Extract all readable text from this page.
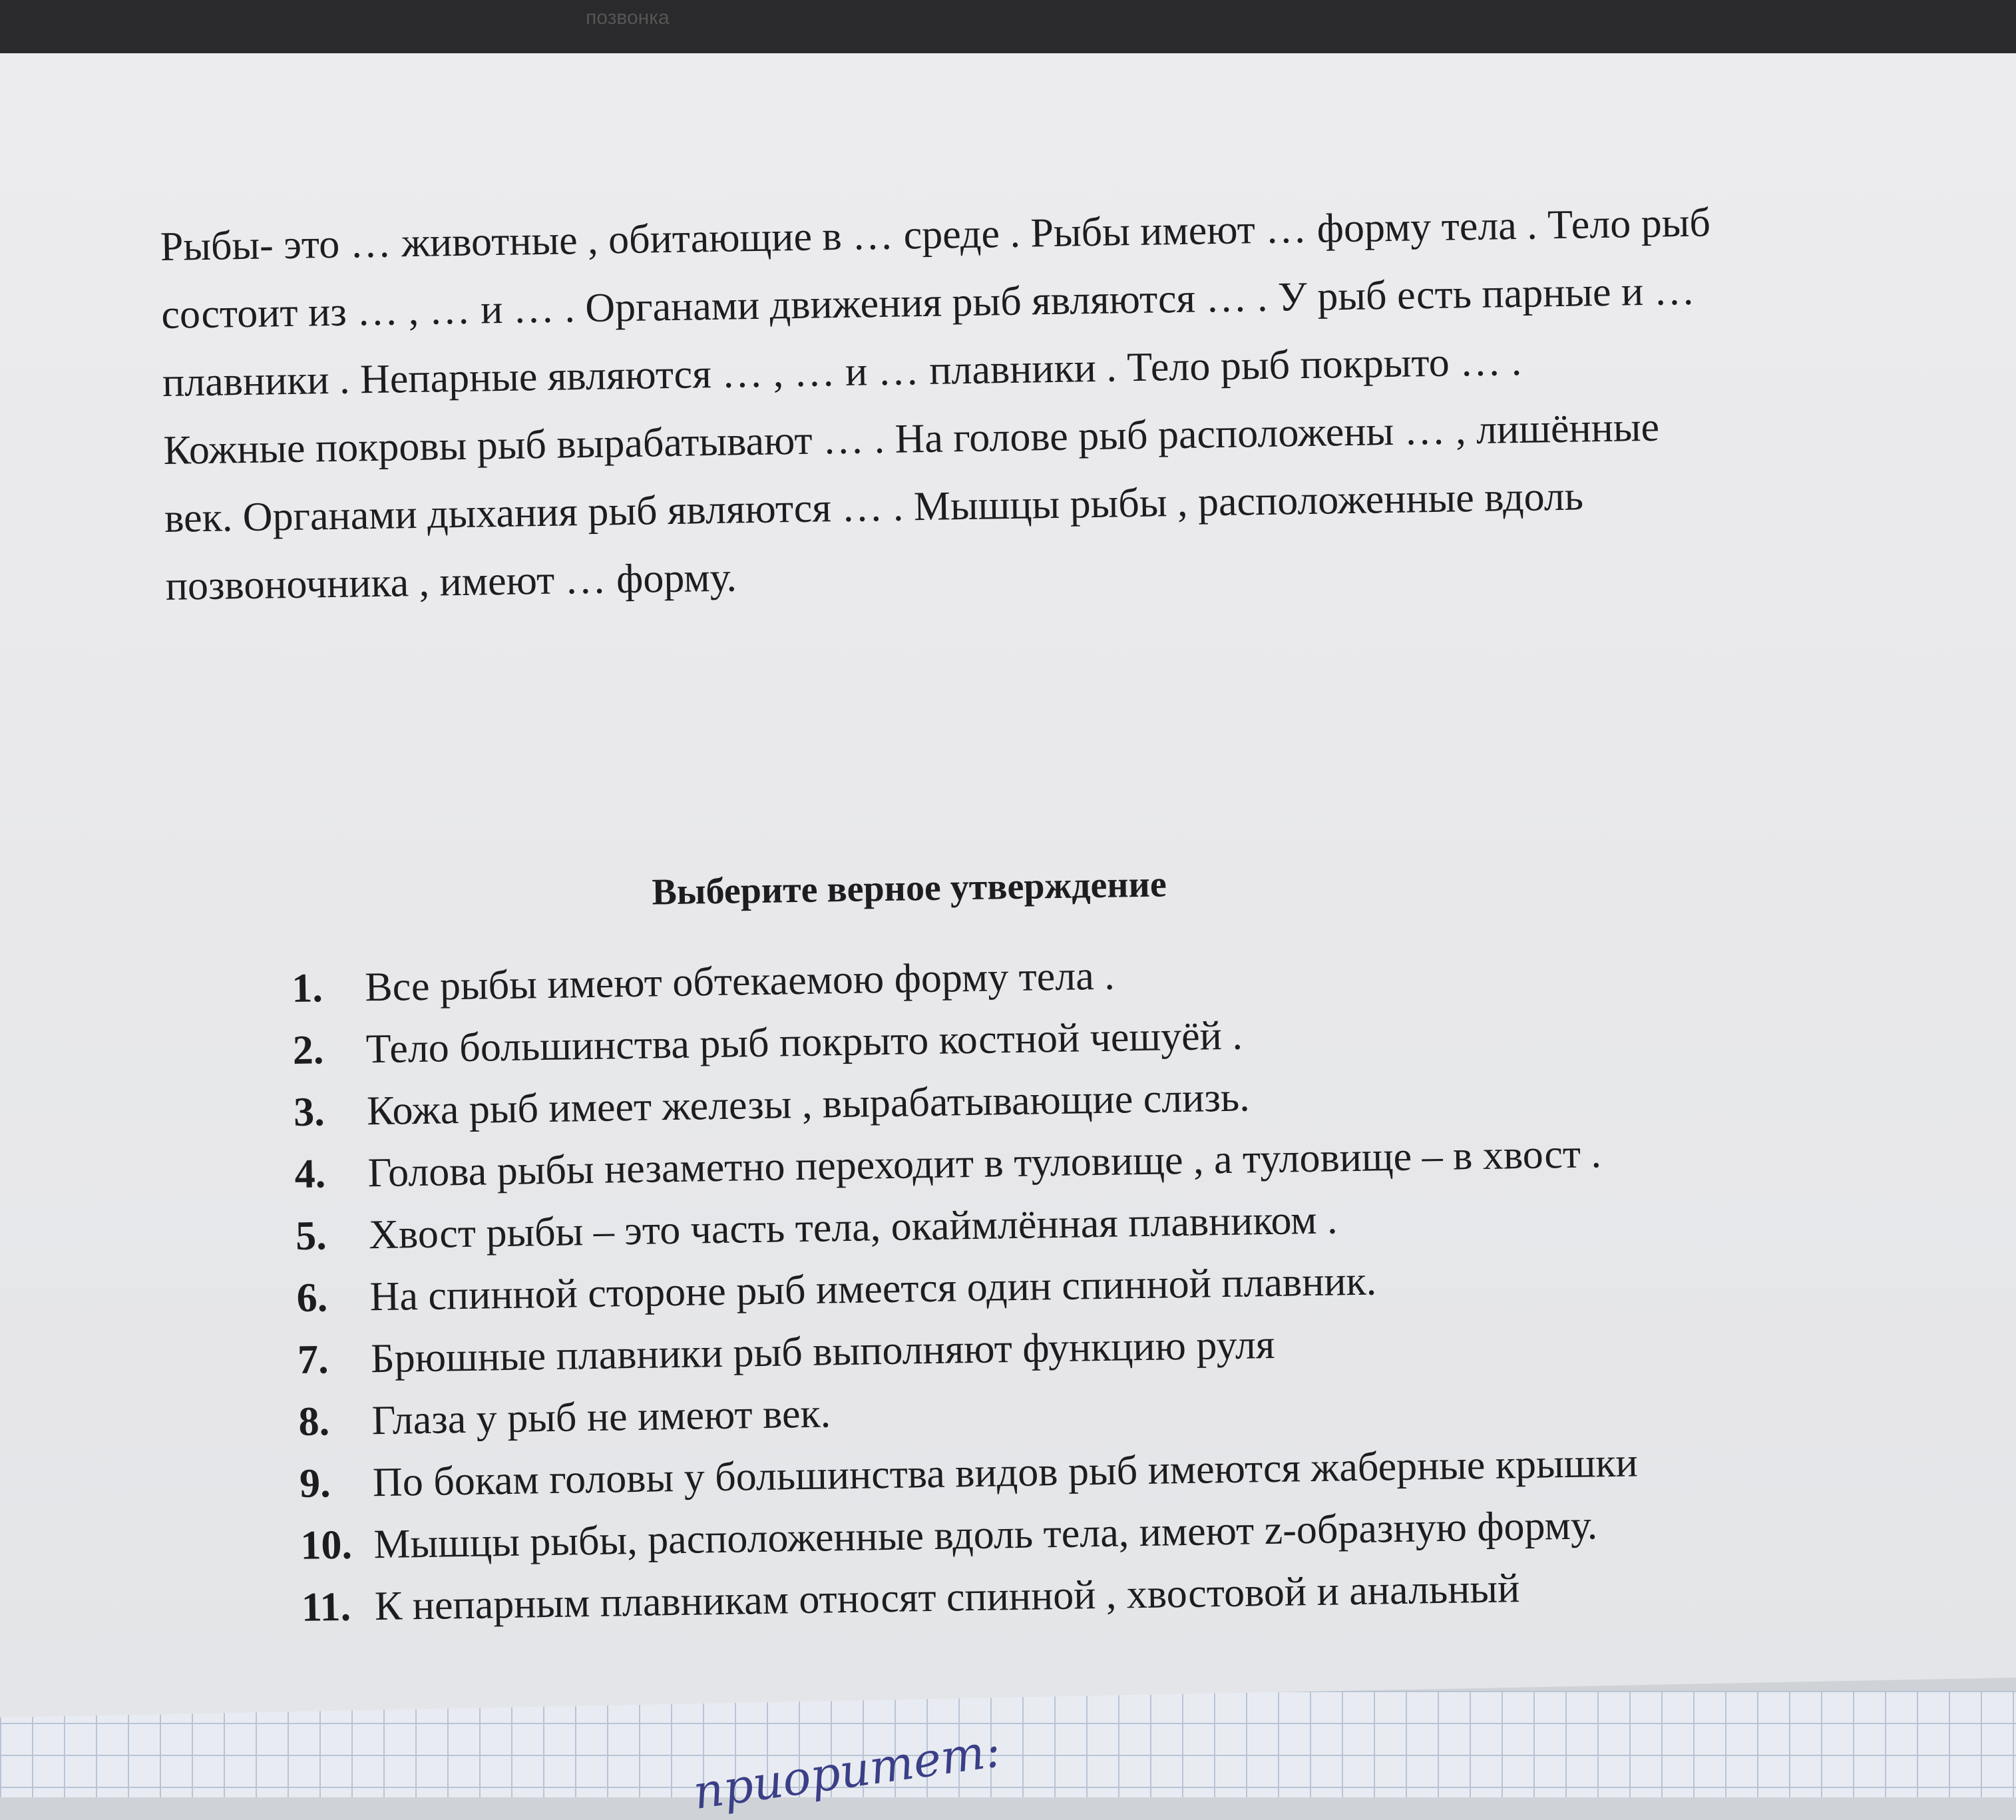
позвонка
приоритет:

Рыбы- это … животные , обитающие в … среде . Рыбы имеют … форму тела . Тело рыб
состоит из … , … и … . Органами движения рыб являются … . У рыб есть парные и …
плавники . Непарные являются … , … и … плавники . Тело рыб покрыто … .
Кожные покровы рыб вырабатывают … . На голове рыб расположены … , лишённые
век. Органами дыхания рыб являются … . Мышцы рыбы , расположенные вдоль
позвоночника , имеют … форму.

Выберите верное утверждение
1.	Все рыбы имеют обтекаемою форму тела .
2.	Тело большинства рыб покрыто костной чешуёй .
3.	Кожа рыб имеет железы , вырабатывающие слизь.
4.	Голова рыбы незаметно переходит в туловище , а туловище – в хвост .
5.	Хвост рыбы – это часть тела, окаймлённая плавником .
6.	На спинной стороне рыб имеется один спинной плавник.
7.	Брюшные плавники рыб выполняют функцию руля
8.	Глаза у рыб не имеют век.
9.	По бокам головы у большинства видов рыб имеются жаберные крышки
10. Мышцы рыбы, расположенные вдоль тела, имеют z-образную форму.
11. К непарным плавникам относят спинной , хвостовой и анальный
